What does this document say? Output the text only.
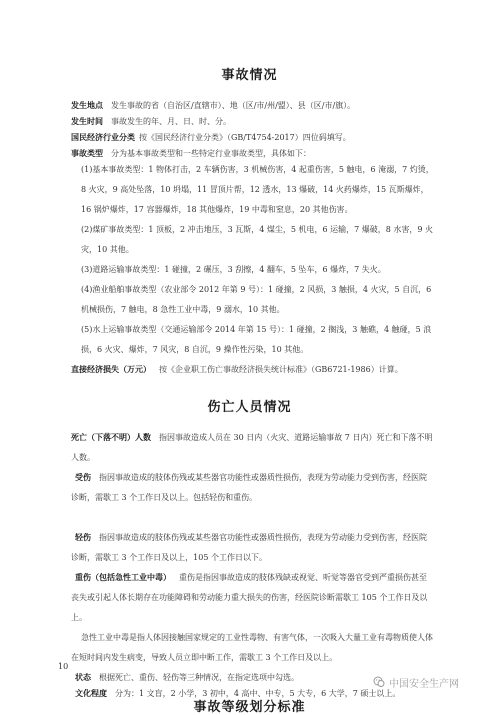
事故情况
发生地点  发生事故的省（自治区/直辖市）、地（区/市/州/盟）、县（区/市/旗）。
发生时间  事故发生的年、月、日、时、分。
国民经济行业分类  按《国民经济行业分类》（GB/T4754-2017）四位码填写。
事故类型  分为基本事故类型和一些特定行业事故类型，具体如下：
(1)基本事故类型：1 物体打击，2 车辆伤害，3 机械伤害，4 起重伤害，5 触电，6 淹溺，7 灼烫，8 火灾，9 高处坠落，10 坍塌，11 冒顶片帮，12 透水，13 爆破，14 火药爆炸，15 瓦斯爆炸，16 锅炉爆炸，17 容器爆炸，18 其他爆炸，19 中毒和窒息，20 其他伤害。
(2)煤矿事故类型：1 顶板，2 冲击地压，3 瓦斯，4 煤尘，5 机电，6 运输，7 爆破，8 水害，9 火灾，10 其他。
(3)道路运输事故类型：1 碰撞，2 碾压，3 刮擦，4 翻车，5 坠车，6 爆炸，7 失火。
(4)渔业船舶事故类型（农业部令 2012 年第 9 号）：1 碰撞，2 风损，3 触损，4 火灾，5 自沉，6 机械损伤，7 触电，8 急性工业中毒，9 溺水，10 其他。
(5)水上运输事故类型（交通运输部令 2014 年第 15 号）：1 碰撞，2 搁浅，3 触礁，4 触碰，5 浪损，6 火灾、爆炸，7 风灾，8 自沉，9 操作性污染，10 其他。
直接经济损失（万元）  按《企业职工伤亡事故经济损失统计标准》（GB6721-1986）计算。
伤亡人员情况
死亡（下落不明）人数  指因事故造成人员在 30 日内（火灾、道路运输事故 7 日内）死亡和下落不明人数。
 受伤  指因事故造成的肢体伤残或某些器官功能性或器质性损伤，表现为劳动能力受到伤害，经医院诊断，需歇工 3 个工作日及以上。包括轻伤和重伤。
 轻伤  指因事故造成的肢体伤残或某些器官功能性或器质性损伤，表现为劳动能力受到伤害，经医院诊断，需歇工 3 个工作日及以上，105 个工作日以下。
 重伤（包括急性工业中毒）  重伤是指因事故造成的肢体残缺或视觉、听觉等器官受到严重损伤甚至丧失或引起人体长期存在功能障碍和劳动能力重大损失的伤害，经医院诊断需歇工 105 个工作日及以上。
急性工业中毒是指人体因接触国家规定的工业性毒物、有害气体，一次吸入大量工业有毒物质使人体在短时间内发生病变，导致人员立即中断工作，需歇工 3 个工作日及以上。
 状态  根据死亡、重伤、轻伤等三种情况，在指定选项中勾选。
 文化程度  分为：1 文盲，2 小学，3 初中，4 高中、中专，5 大专，6 大学，7 硕士以上。
事故等级划分标准
10
中国安全生产网
